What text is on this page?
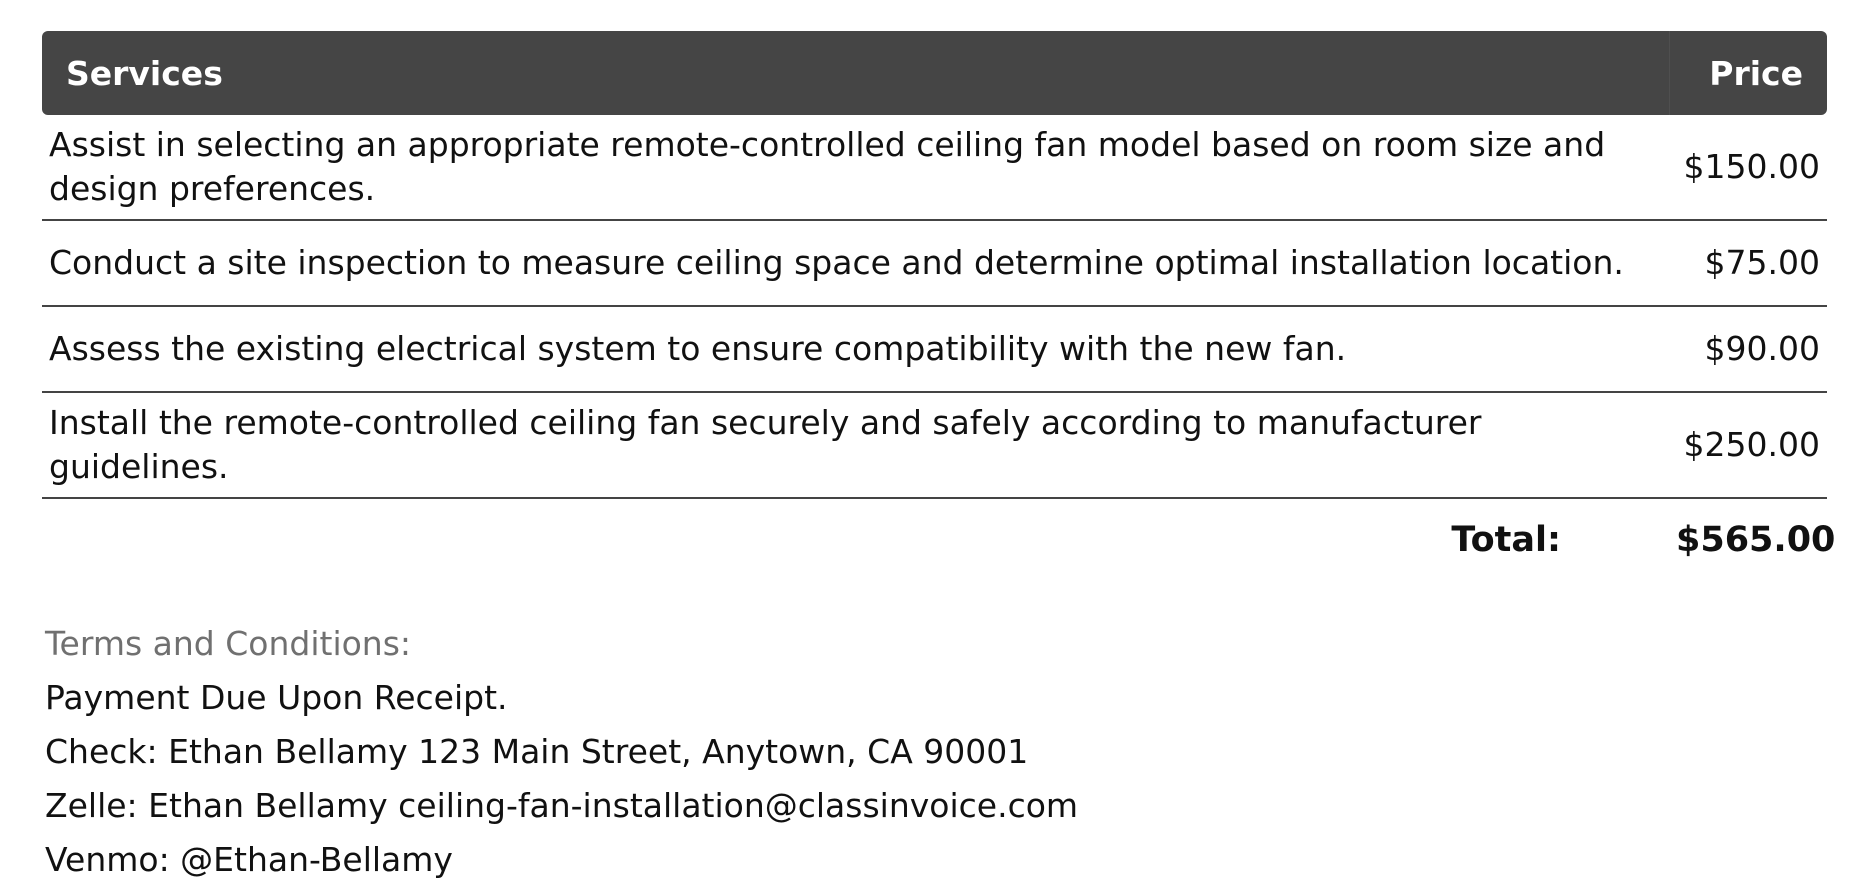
Services	Price
Assist in selecting an appropriate remote-controlled ceiling fan model based on room size and design preferences.	$150.00
Conduct a site inspection to measure ceiling space and determine optimal installation location.	$75.00
Assess the existing electrical system to ensure compatibility with the new fan.	$90.00
Install the remote-controlled ceiling fan securely and safely according to manufacturer guidelines.	$250.00
Total:	$565.00
Terms and Conditions:
Payment Due Upon Receipt.
Check: Ethan Bellamy 123 Main Street, Anytown, CA 90001
Zelle: Ethan Bellamy ceiling-fan-installation@classinvoice.com
Venmo: @Ethan-Bellamy
